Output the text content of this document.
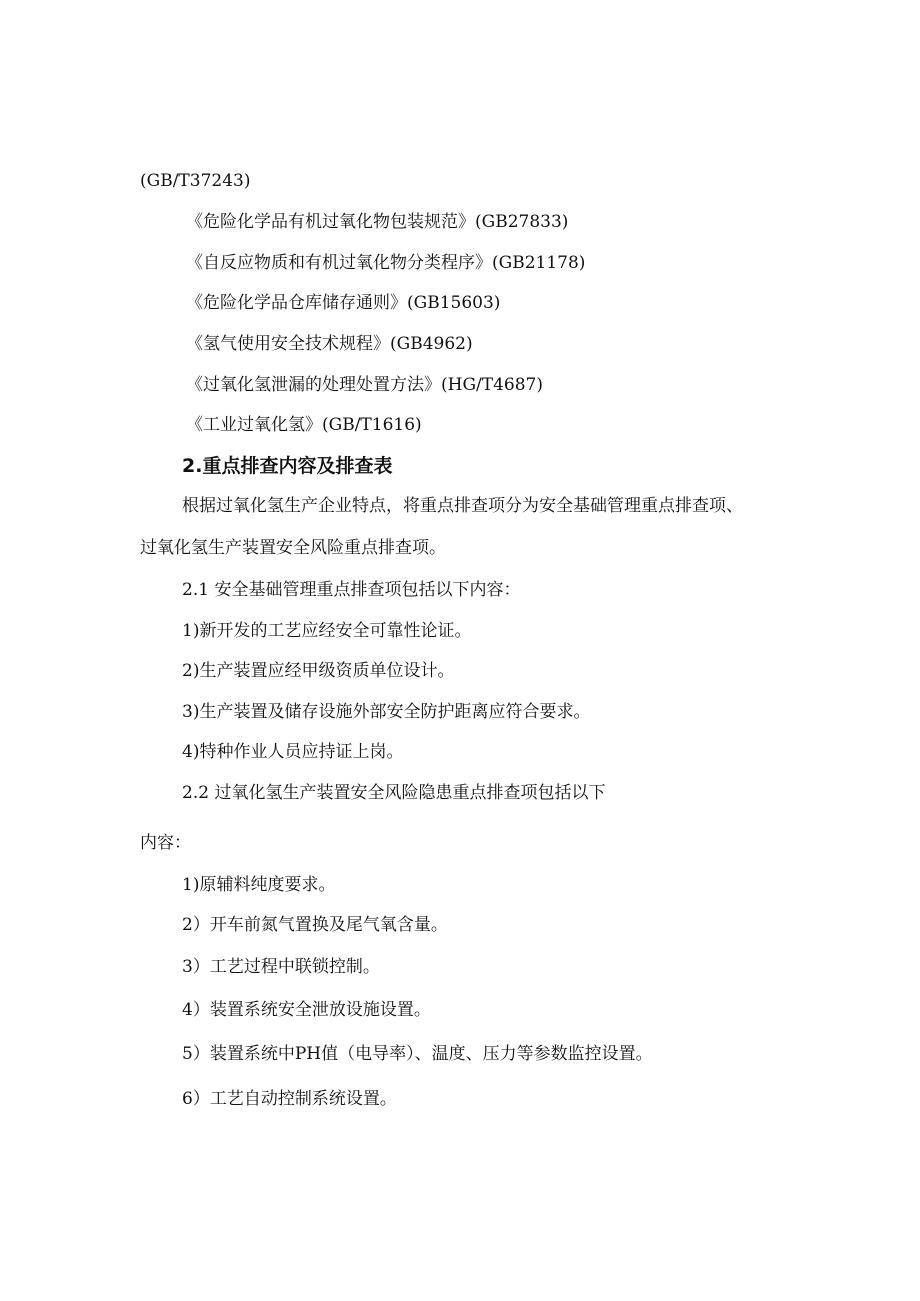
(GB/T37243)
《危险化学品有机过氧化物包装规范》(GB27833)
《自反应物质和有机过氧化物分类程序》(GB21178)
《危险化学品仓库储存通则》(GB15603)
《氢气使用安全技术规程》(GB4962)
《过氧化氢泄漏的处理处置方法》(HG/T4687)
《工业过氧化氢》(GB/T1616)
2.重点排查内容及排查表
根据过氧化氢生产企业特点，将重点排查项分为安全基础管理重点排查项、
过氧化氢生产装置安全风险重点排查项。
2.1 安全基础管理重点排查项包括以下内容：
1)新开发的工艺应经安全可靠性论证。
2)生产装置应经甲级资质单位设计。
3)生产装置及储存设施外部安全防护距离应符合要求。
4)特种作业人员应持证上岗。
2.2 过氧化氢生产装置安全风险隐患重点排查项包括以下
内容：
1)原辅料纯度要求。
2）开车前氮气置换及尾气氧含量。
3）工艺过程中联锁控制。
4）装置系统安全泄放设施设置。
5）装置系统中PH值（电导率）、温度、压力等参数监控设置。
6）工艺自动控制系统设置。
